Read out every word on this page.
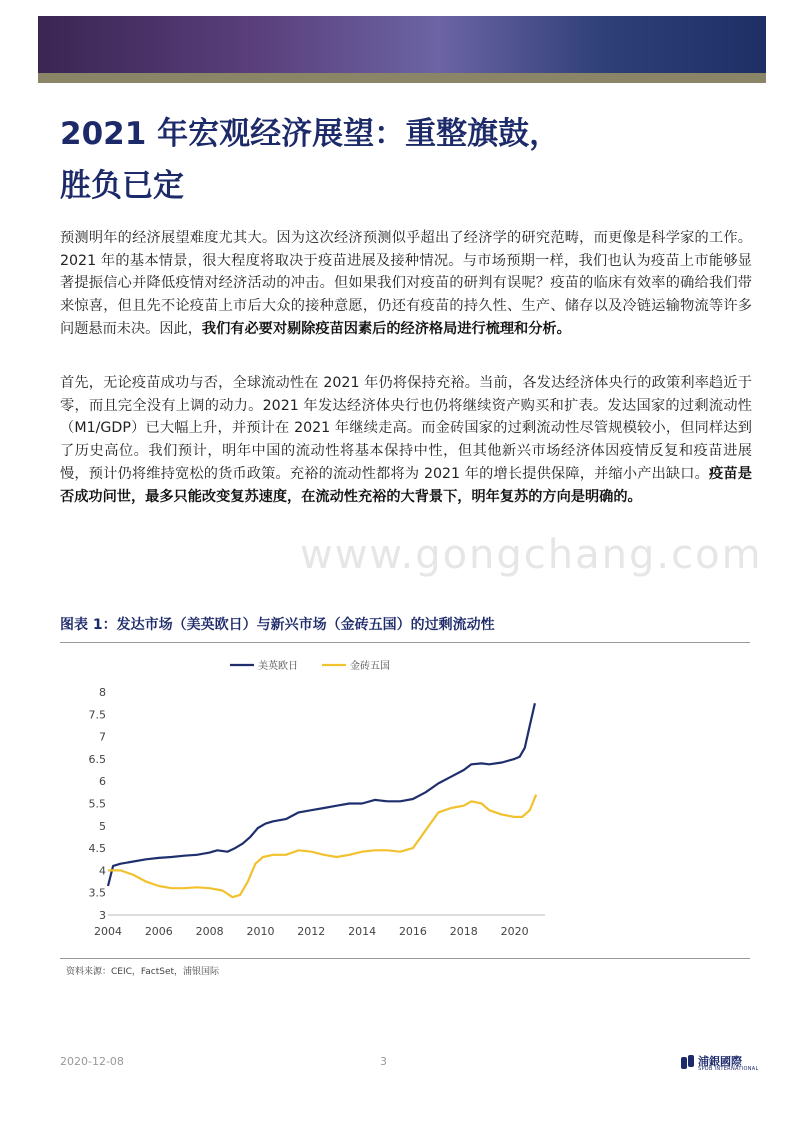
2021 年宏观经济展望：重整旗鼓，
胜负已定
预测明年的经济展望难度尤其大。因为这次经济预测似乎超出了经济学的研究范畴，而更像是科学家的工作。2021 年的基本情景，很大程度将取决于疫苗进展及接种情况。与市场预期一样，我们也认为疫苗上市能够显著提振信心并降低疫情对经济活动的冲击。但如果我们对疫苗的研判有误呢？疫苗的临床有效率的确给我们带来惊喜，但且先不论疫苗上市后大众的接种意愿，仍还有疫苗的持久性、生产、储存以及冷链运输物流等许多问题悬而未决。因此，我们有必要对剔除疫苗因素后的经济格局进行梳理和分析。
首先，无论疫苗成功与否，全球流动性在 2021 年仍将保持充裕。当前，各发达经济体央行的政策利率趋近于零，而且完全没有上调的动力。2021 年发达经济体央行也仍将继续资产购买和扩表。发达国家的过剩流动性（M1/GDP）已大幅上升，并预计在 2021 年继续走高。而金砖国家的过剩流动性尽管规模较小，但同样达到了历史高位。我们预计，明年中国的流动性将基本保持中性，但其他新兴市场经济体因疫情反复和疫苗进展慢，预计仍将维持宽松的货币政策。充裕的流动性都将为 2021 年的增长提供保障，并缩小产出缺口。疫苗是否成功问世，最多只能改变复苏速度，在流动性充裕的大背景下，明年复苏的方向是明确的。
www.gongchang.com
图表 1：发达市场（美英欧日）与新兴市场（金砖五国）的过剩流动性
3
3.5
4
4.5
5
5.5
6
6.5
7
7.5
8
2004 2006 2008 2010 2012 2014 2016 2018 2020
美英欧日	金砖五国
资料来源：CEIC，FactSet，浦银国际
2020-12-08	3	浦銀國際
SPDB INTERNATIONAL
